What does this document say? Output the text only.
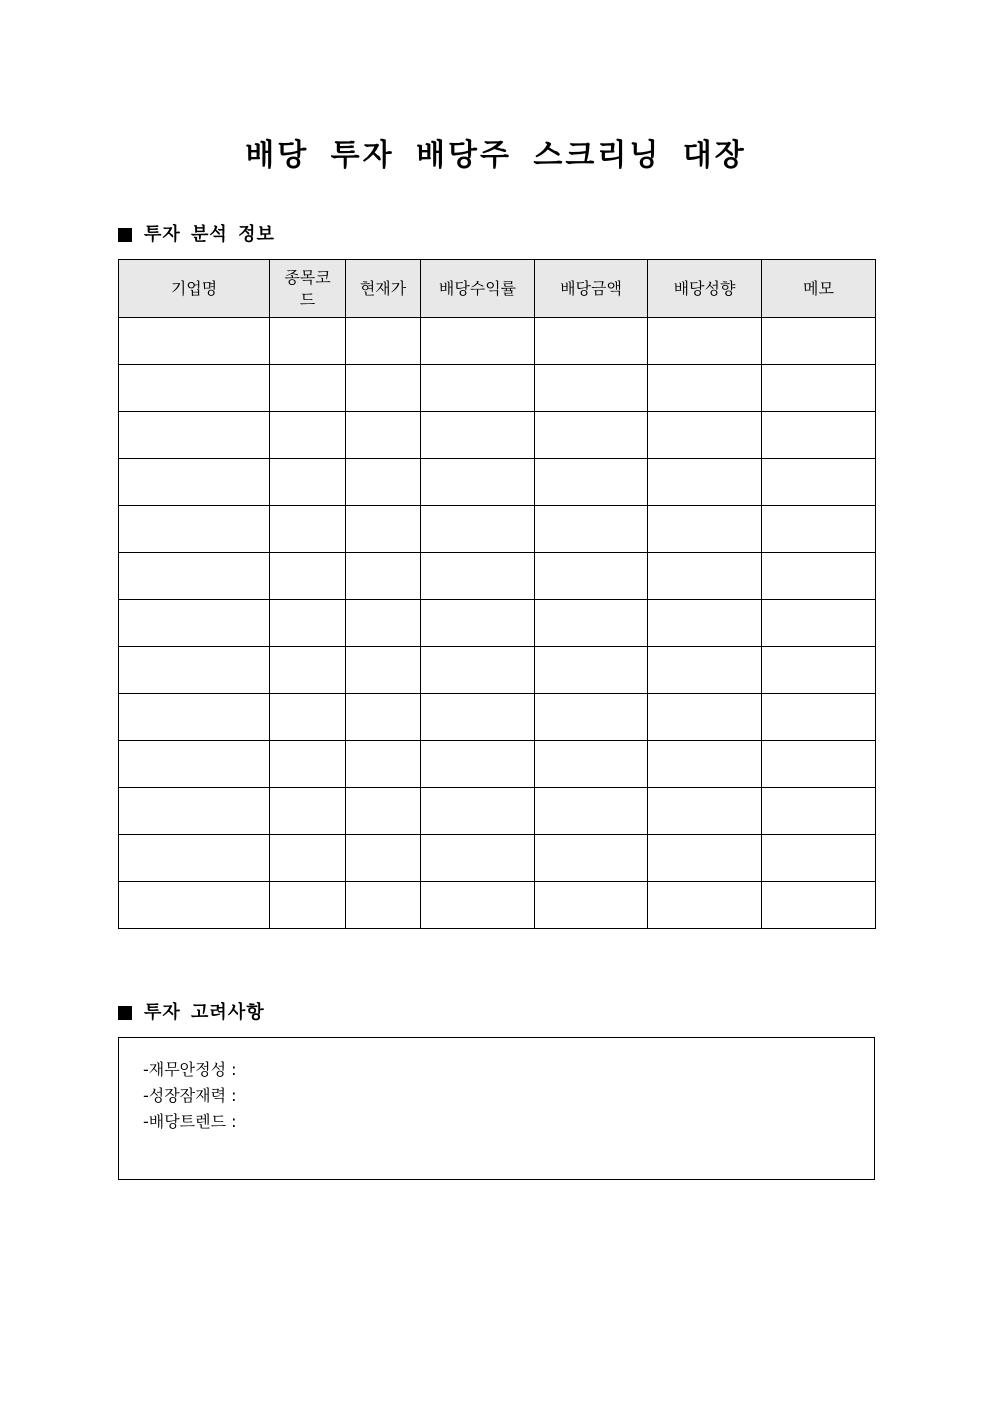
배당 투자 배당주 스크리닝 대장
투자 분석 정보
기업명	종목코드	현재가	배당수익률	배당금액	배당성향	메모

투자 고려사항
-재무안정성 :
-성장잠재력 :
-배당트렌드 :
